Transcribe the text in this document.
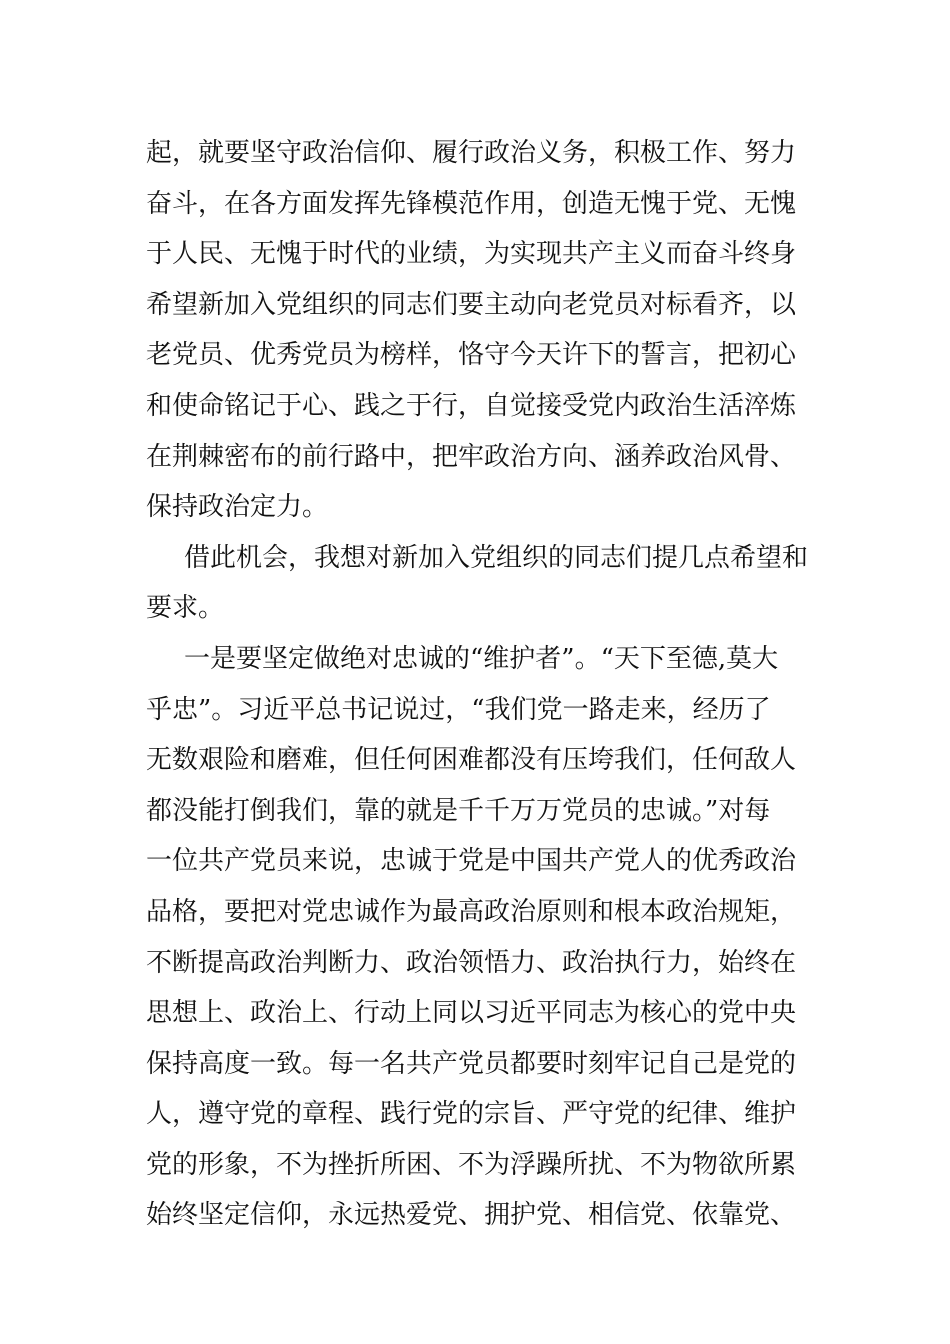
起，就要坚守政治信仰、履行政治义务，积极工作、努力
奋斗，在各方面发挥先锋模范作用，创造无愧于党、无愧
于人民、无愧于时代的业绩，为实现共产主义而奋斗终身
希望新加入党组织的同志们要主动向老党员对标看齐，以
老党员、优秀党员为榜样，恪守今天许下的誓言，把初心
和使命铭记于心、践之于行，自觉接受党内政治生活淬炼
在荆棘密布的前行路中，把牢政治方向、涵养政治风骨、
保持政治定力。
借此机会，我想对新加入党组织的同志们提几点希望和
要求。
一是要坚定做绝对忠诚的“维护者”。“天下至德,莫大
乎忠”。习近平总书记说过，“我们党一路走来，经历了
无数艰险和磨难，但任何困难都没有压垮我们，任何敌人
都没能打倒我们，靠的就是千千万万党员的忠诚。”对每
一位共产党员来说，忠诚于党是中国共产党人的优秀政治
品格，要把对党忠诚作为最高政治原则和根本政治规矩，
不断提高政治判断力、政治领悟力、政治执行力，始终在
思想上、政治上、行动上同以习近平同志为核心的党中央
保持高度一致。每一名共产党员都要时刻牢记自己是党的
人，遵守党的章程、践行党的宗旨、严守党的纪律、维护
党的形象，不为挫折所困、不为浮躁所扰、不为物欲所累
始终坚定信仰，永远热爱党、拥护党、相信党、依靠党、
